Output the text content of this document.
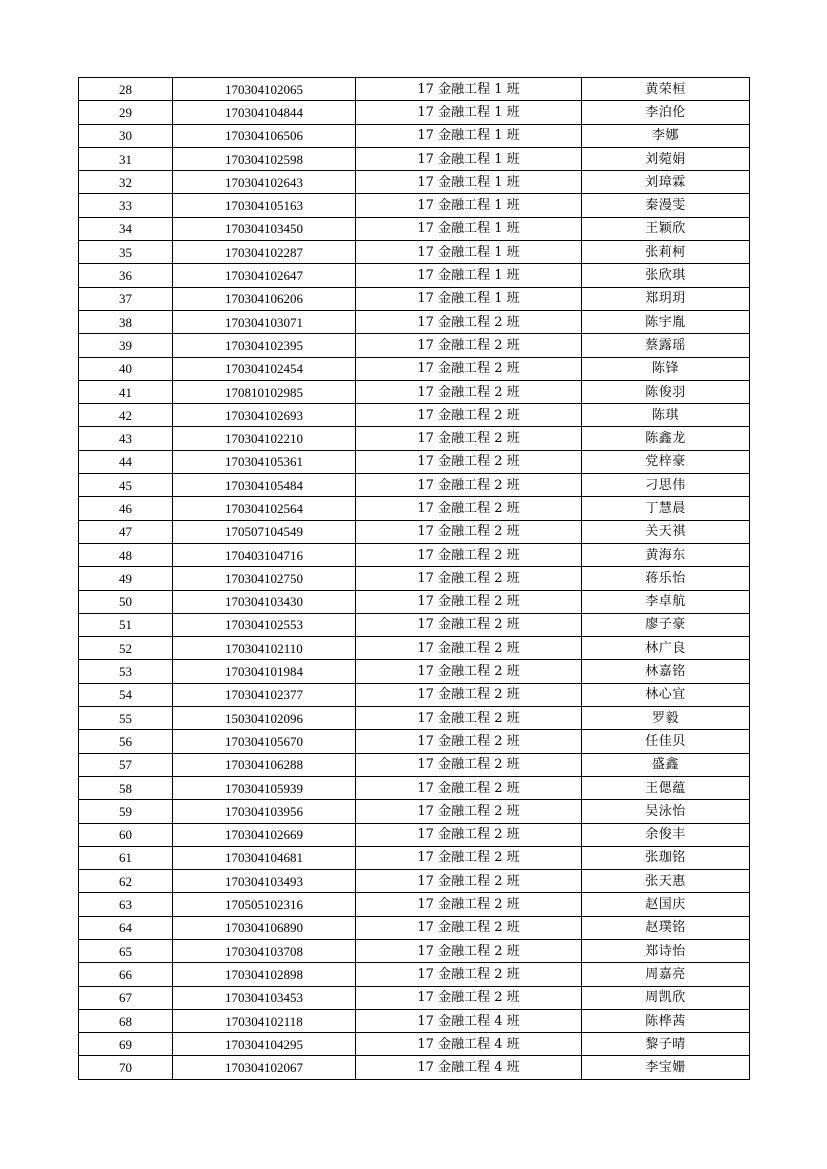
28	170304102065	17 金融工程 1 班	黄荣桓
29	170304104844	17 金融工程 1 班	李泊伦
30	170304106506	17 金融工程 1 班	李娜
31	170304102598	17 金融工程 1 班	刘菀娟
32	170304102643	17 金融工程 1 班	刘璋霖
33	170304105163	17 金融工程 1 班	秦漫雯
34	170304103450	17 金融工程 1 班	王颖欣
35	170304102287	17 金融工程 1 班	张莉柯
36	170304102647	17 金融工程 1 班	张欣琪
37	170304106206	17 金融工程 1 班	郑玥玥
38	170304103071	17 金融工程 2 班	陈宇胤
39	170304102395	17 金融工程 2 班	蔡露瑶
40	170304102454	17 金融工程 2 班	陈锋
41	170810102985	17 金融工程 2 班	陈俊羽
42	170304102693	17 金融工程 2 班	陈琪
43	170304102210	17 金融工程 2 班	陈鑫龙
44	170304105361	17 金融工程 2 班	党梓豪
45	170304105484	17 金融工程 2 班	刁思伟
46	170304102564	17 金融工程 2 班	丁慧晨
47	170507104549	17 金融工程 2 班	关天祺
48	170403104716	17 金融工程 2 班	黄海东
49	170304102750	17 金融工程 2 班	蒋乐怡
50	170304103430	17 金融工程 2 班	李卓航
51	170304102553	17 金融工程 2 班	廖子豪
52	170304102110	17 金融工程 2 班	林广良
53	170304101984	17 金融工程 2 班	林嘉铭
54	170304102377	17 金融工程 2 班	林心宜
55	150304102096	17 金融工程 2 班	罗毅
56	170304105670	17 金融工程 2 班	任佳贝
57	170304106288	17 金融工程 2 班	盛鑫
58	170304105939	17 金融工程 2 班	王偲蕴
59	170304103956	17 金融工程 2 班	吴泳怡
60	170304102669	17 金融工程 2 班	余俊丰
61	170304104681	17 金融工程 2 班	张珈铭
62	170304103493	17 金融工程 2 班	张天惠
63	170505102316	17 金融工程 2 班	赵国庆
64	170304106890	17 金融工程 2 班	赵璞铭
65	170304103708	17 金融工程 2 班	郑诗怡
66	170304102898	17 金融工程 2 班	周嘉亮
67	170304103453	17 金融工程 2 班	周凯欣
68	170304102118	17 金融工程 4 班	陈桦茜
69	170304104295	17 金融工程 4 班	黎子晴
70	170304102067	17 金融工程 4 班	李宝姗
